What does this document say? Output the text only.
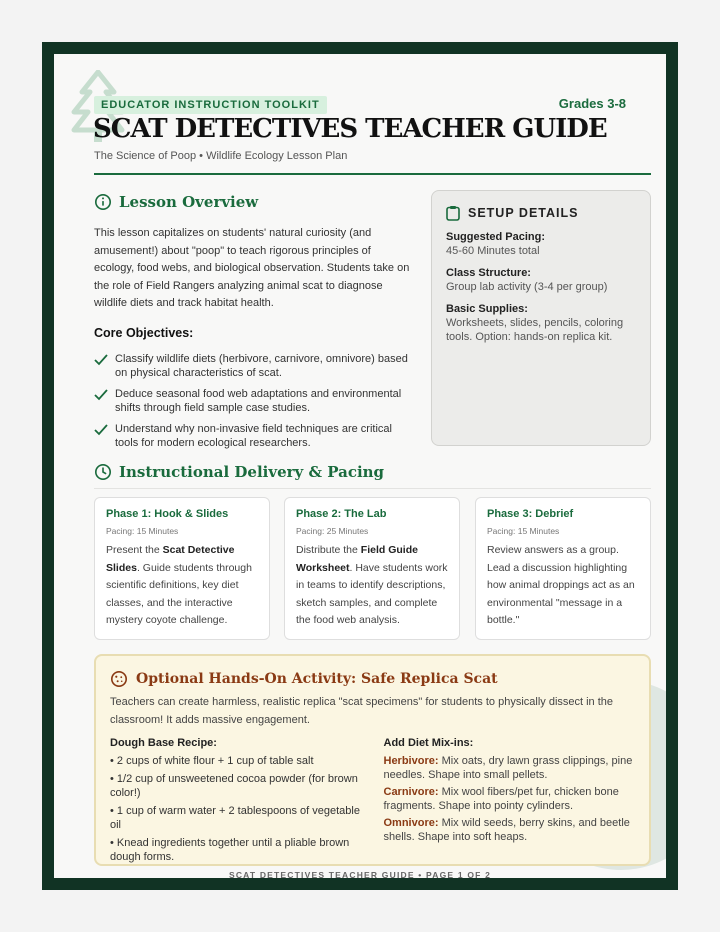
EDUCATOR INSTRUCTION TOOLKIT	Grades 3-8
SCAT DETECTIVES TEACHER GUIDE
The Science of Poop • Wildlife Ecology Lesson Plan
Lesson Overview

This lesson capitalizes on students' natural curiosity (and amusement!) about "poop" to teach rigorous principles of ecology, food webs, and biological observation. Students take on the role of Field Rangers analyzing animal scat to diagnose wildlife diets and track habitat health.

Core Objectives:
Classify wildlife diets (herbivore, carnivore, omnivore) based on physical characteristics of scat.
Deduce seasonal food web adaptations and environmental shifts through field sample case studies.
Understand why non-invasive field techniques are critical tools for modern ecological researchers.
SETUP DETAILS
Suggested Pacing:
45-60 Minutes total
Class Structure:
Group lab activity (3-4 per group)
Basic Supplies:
Worksheets, slides, pencils, coloring tools. Option: hands-on replica kit.
Instructional Delivery & Pacing
Phase 1: Hook & Slides
Pacing: 15 Minutes
Present the Scat Detective Slides. Guide students through scientific definitions, key diet classes, and the interactive mystery coyote challenge.
Phase 2: The Lab
Pacing: 25 Minutes
Distribute the Field Guide Worksheet. Have students work in teams to identify descriptions, sketch samples, and complete the food web analysis.
Phase 3: Debrief
Pacing: 15 Minutes
Review answers as a group. Lead a discussion highlighting how animal droppings act as an environmental "message in a bottle."
Optional Hands-On Activity: Safe Replica Scat

Teachers can create harmless, realistic replica "scat specimens" for students to physically dissect in the classroom! It adds massive engagement.

Dough Base Recipe:
• 2 cups of white flour + 1 cup of table salt
• 1/2 cup of unsweetened cocoa powder (for brown color!)
• 1 cup of warm water + 2 tablespoons of vegetable oil
• Knead ingredients together until a pliable brown dough forms.
Add Diet Mix-ins:

Herbivore: Mix oats, dry lawn grass clippings, pine needles. Shape into small pellets.

Carnivore: Mix wool fibers/pet fur, chicken bone fragments. Shape into pointy cylinders.

Omnivore: Mix wild seeds, berry skins, and beetle shells. Shape into soft heaps.

SCAT DETECTIVES TEACHER GUIDE • PAGE 1 OF 2
